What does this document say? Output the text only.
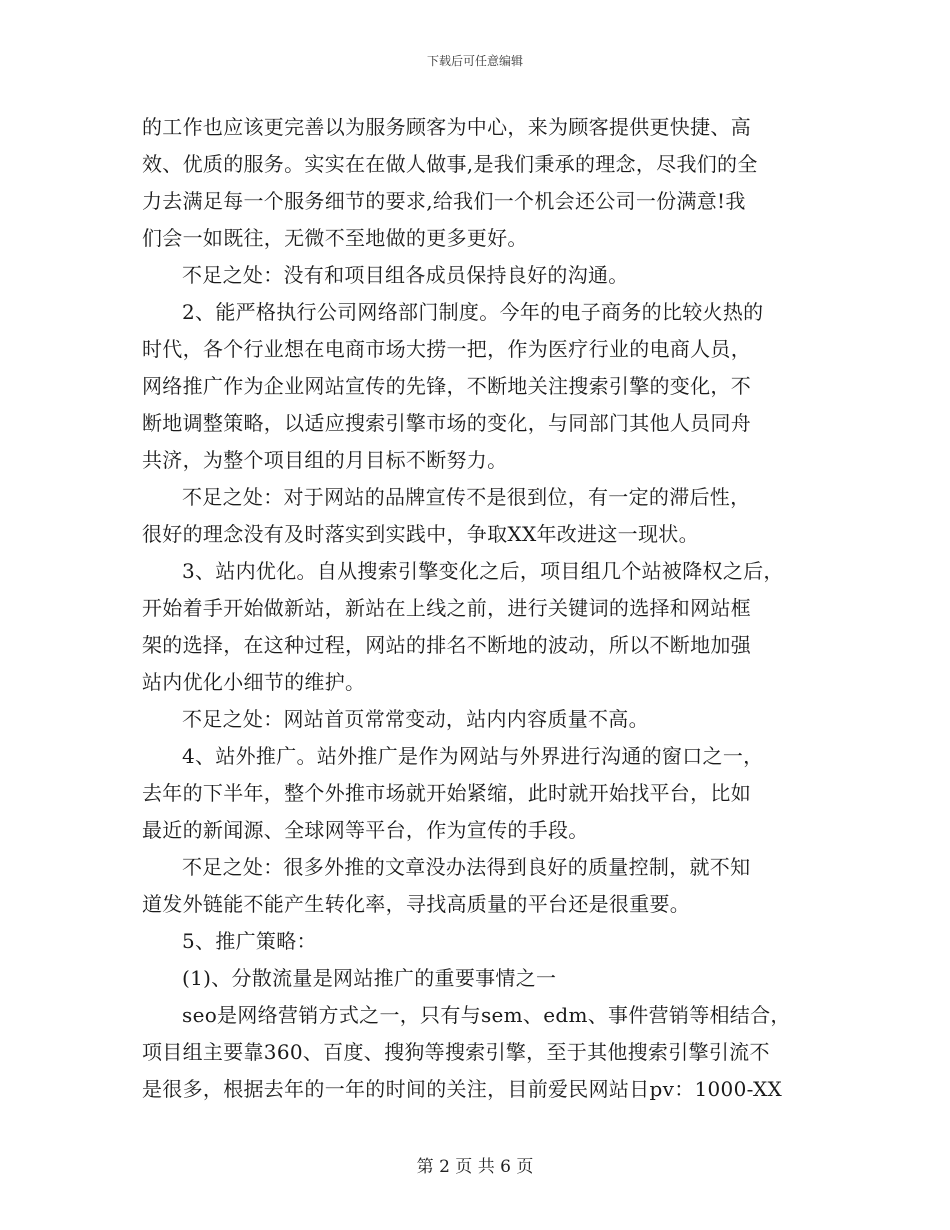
下载后可任意编辑
的工作也应该更完善以为服务顾客为中心，来为顾客提供更快捷、高
效、优质的服务。实实在在做人做事,是我们秉承的理念，尽我们的全
力去满足每一个服务细节的要求,给我们一个机会还公司一份满意!我
们会一如既往，无微不至地做的更多更好。
不足之处：没有和项目组各成员保持良好的沟通。
2、能严格执行公司网络部门制度。今年的电子商务的比较火热的
时代，各个行业想在电商市场大捞一把，作为医疗行业的电商人员，
网络推广作为企业网站宣传的先锋，不断地关注搜索引擎的变化，不
断地调整策略，以适应搜索引擎市场的变化，与同部门其他人员同舟
共济，为整个项目组的月目标不断努力。
不足之处：对于网站的品牌宣传不是很到位，有一定的滞后性，
很好的理念没有及时落实到实践中，争取XX年改进这一现状。
3、站内优化。自从搜索引擎变化之后，项目组几个站被降权之后，
开始着手开始做新站，新站在上线之前，进行关键词的选择和网站框
架的选择，在这种过程，网站的排名不断地的波动，所以不断地加强
站内优化小细节的维护。
不足之处：网站首页常常变动，站内内容质量不高。
4、站外推广。站外推广是作为网站与外界进行沟通的窗口之一，
去年的下半年，整个外推市场就开始紧缩，此时就开始找平台，比如
最近的新闻源、全球网等平台，作为宣传的手段。
不足之处：很多外推的文章没办法得到良好的质量控制，就不知
道发外链能不能产生转化率，寻找高质量的平台还是很重要。
5、推广策略：
(1)、分散流量是网站推广的重要事情之一
seo是网络营销方式之一，只有与sem、edm、事件营销等相结合，
项目组主要靠360、百度、搜狗等搜索引擎，至于其他搜索引擎引流不
是很多，根据去年的一年的时间的关注，目前爱民网站日pv：1000-XX
第 2 页 共 6 页
